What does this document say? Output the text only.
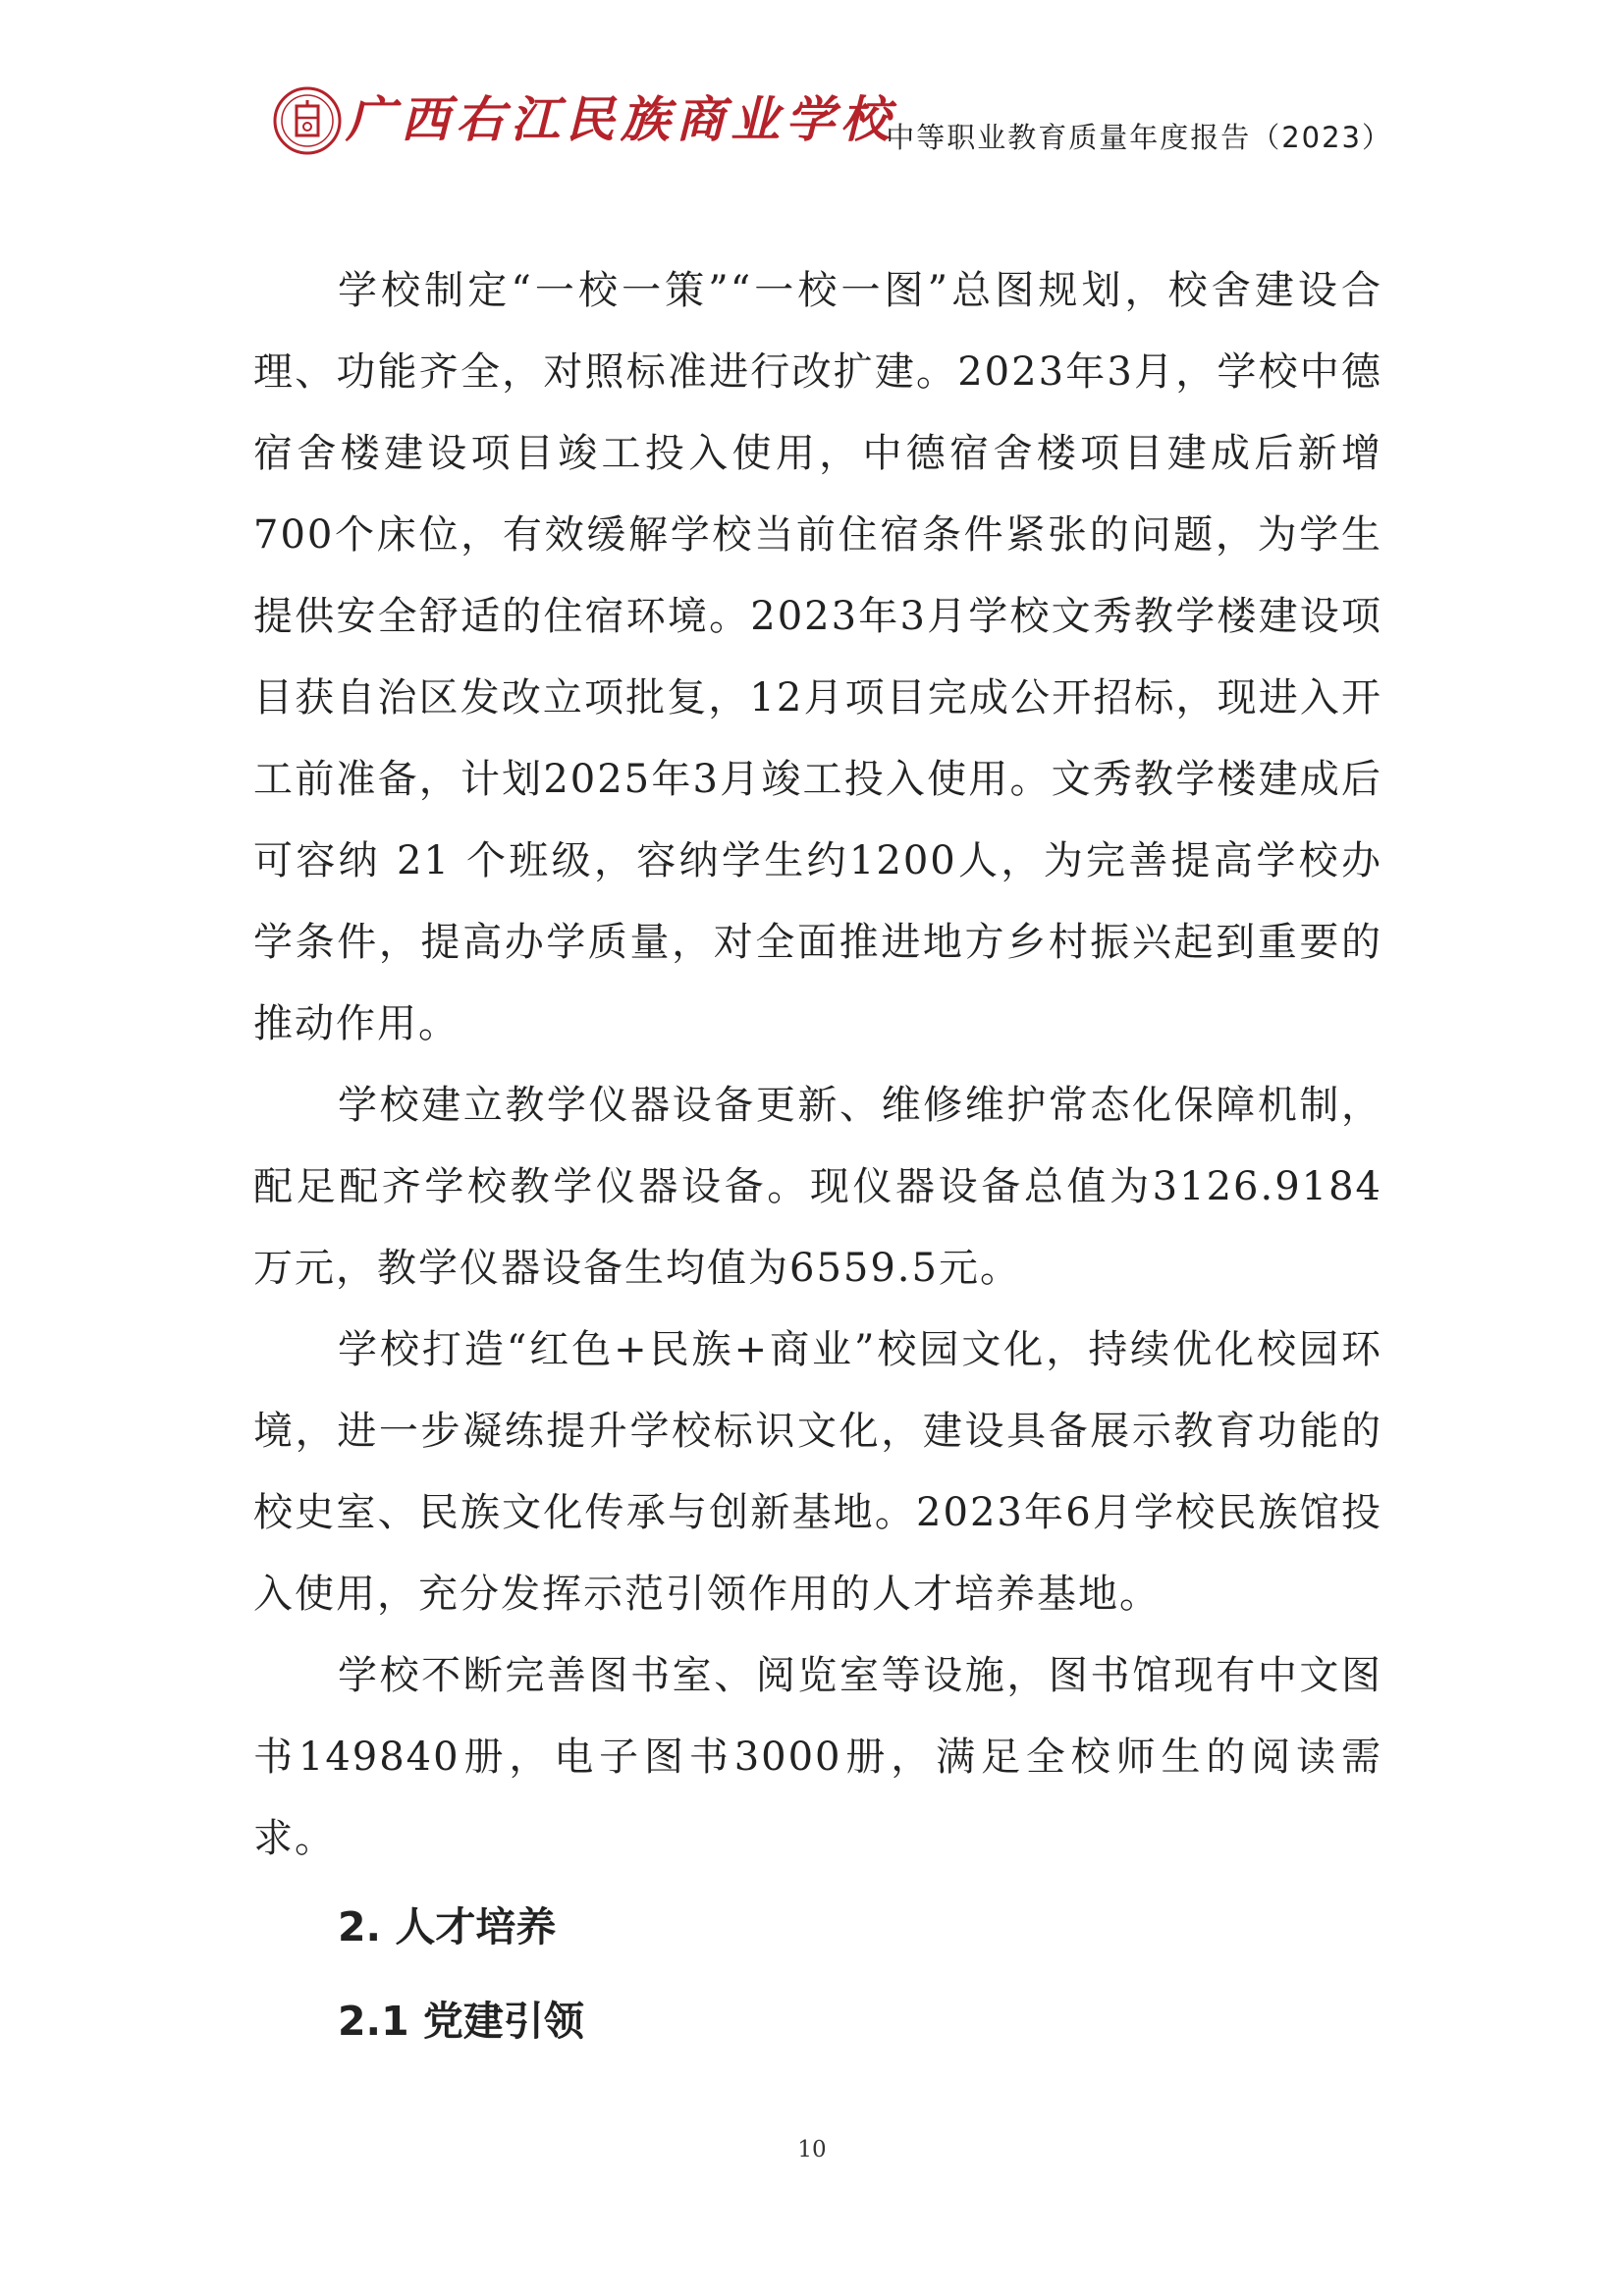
广西右江民族商业学校
中等职业教育质量年度报告（2023）

学校制定“一校一策”“一校一图”总图规划，校舍建设合理、功能齐全，对照标准进行改扩建。2023年3月，学校中德宿舍楼建设项目竣工投入使用，中德宿舍楼项目建成后新增700个床位，有效缓解学校当前住宿条件紧张的问题，为学生提供安全舒适的住宿环境。2023年3月学校文秀教学楼建设项目获自治区发改立项批复，12月项目完成公开招标，现进入开工前准备，计划2025年3月竣工投入使用。文秀教学楼建成后可容纳 21 个班级，容纳学生约1200人，为完善提高学校办学条件，提高办学质量，对全面推进地方乡村振兴起到重要的推动作用。

学校建立教学仪器设备更新、维修维护常态化保障机制，配足配齐学校教学仪器设备。现仪器设备总值为3126.9184万元，教学仪器设备生均值为6559.5元。

学校打造“红色+民族+商业”校园文化，持续优化校园环境，进一步凝练提升学校标识文化，建设具备展示教育功能的校史室、民族文化传承与创新基地。2023年6月学校民族馆投入使用，充分发挥示范引领作用的人才培养基地。

学校不断完善图书室、阅览室等设施，图书馆现有中文图书149840册，电子图书3000册，满足全校师生的阅读需求。

2. 人才培养
2.1 党建引领
10
